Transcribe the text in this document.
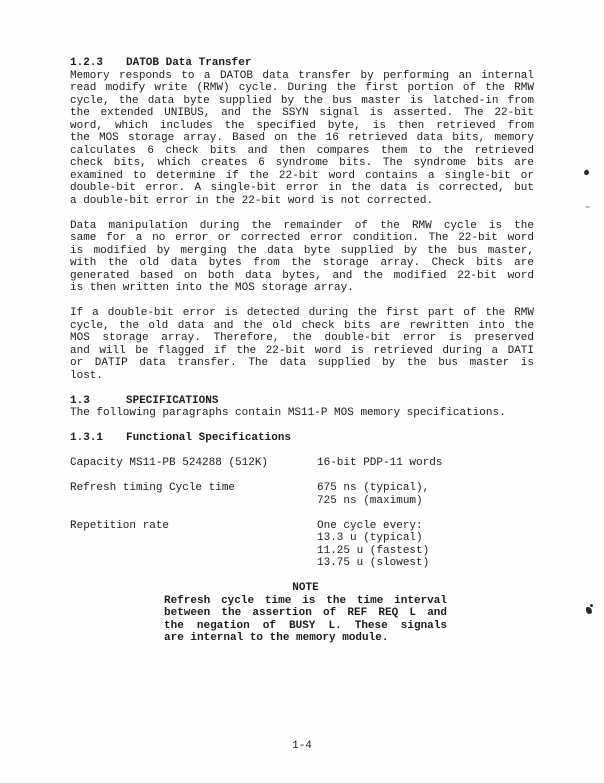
1.2.3	DATOB Data Transfer
Memory responds to a DATOB data transfer by performing an internal
read modify write (RMW) cycle. During the first portion of the RMW
cycle, the data byte supplied by the bus master is latched-in from
the extended UNIBUS, and the SSYN signal is asserted. The 22-bit
word, which includes the specified byte, is then retrieved from
the MOS storage array. Based on the 16 retrieved data bits, memory
calculates 6 check bits and then compares them to the retrieved
check bits, which creates 6 syndrome bits. The syndrome bits are
examined to determine if the 22-bit word contains a single-bit or
double-bit error. A single-bit error in the data is corrected, but
a double-bit error in the 22-bit word is not corrected.
Data manipulation during the remainder of the RMW cycle is the
same for a no error or corrected error condition. The 22-bit word
is modified by merging the data byte supplied by the bus master,
with the old data bytes from the storage array. Check bits are
generated based on both data bytes, and the modified 22-bit word
is then written into the MOS storage array.
If a double-bit error is detected during the first part of the RMW
cycle, the old data and the old check bits are rewritten into the
MOS storage array. Therefore, the double-bit error is preserved
and will be flagged if the 22-bit word is retrieved during a DATI
or DATIP data transfer. The data supplied by the bus master is
lost.
1.3	SPECIFICATIONS
The following paragraphs contain MS11-P MOS memory specifications.
1.3.1	Functional Specifications
Capacity MS11-PB 524288 (512K)	16-bit PDP-11 words
Refresh timing Cycle time	675 ns (typical),
725 ns (maximum)
Repetition rate	One cycle every:
13.3 u (typical)
11.25 u (fastest)
13.75 u (slowest)
NOTE
Refresh cycle time is the time interval
between the assertion of REF REQ L and
the negation of BUSY L. These signals
are internal to the memory module.
1-4
